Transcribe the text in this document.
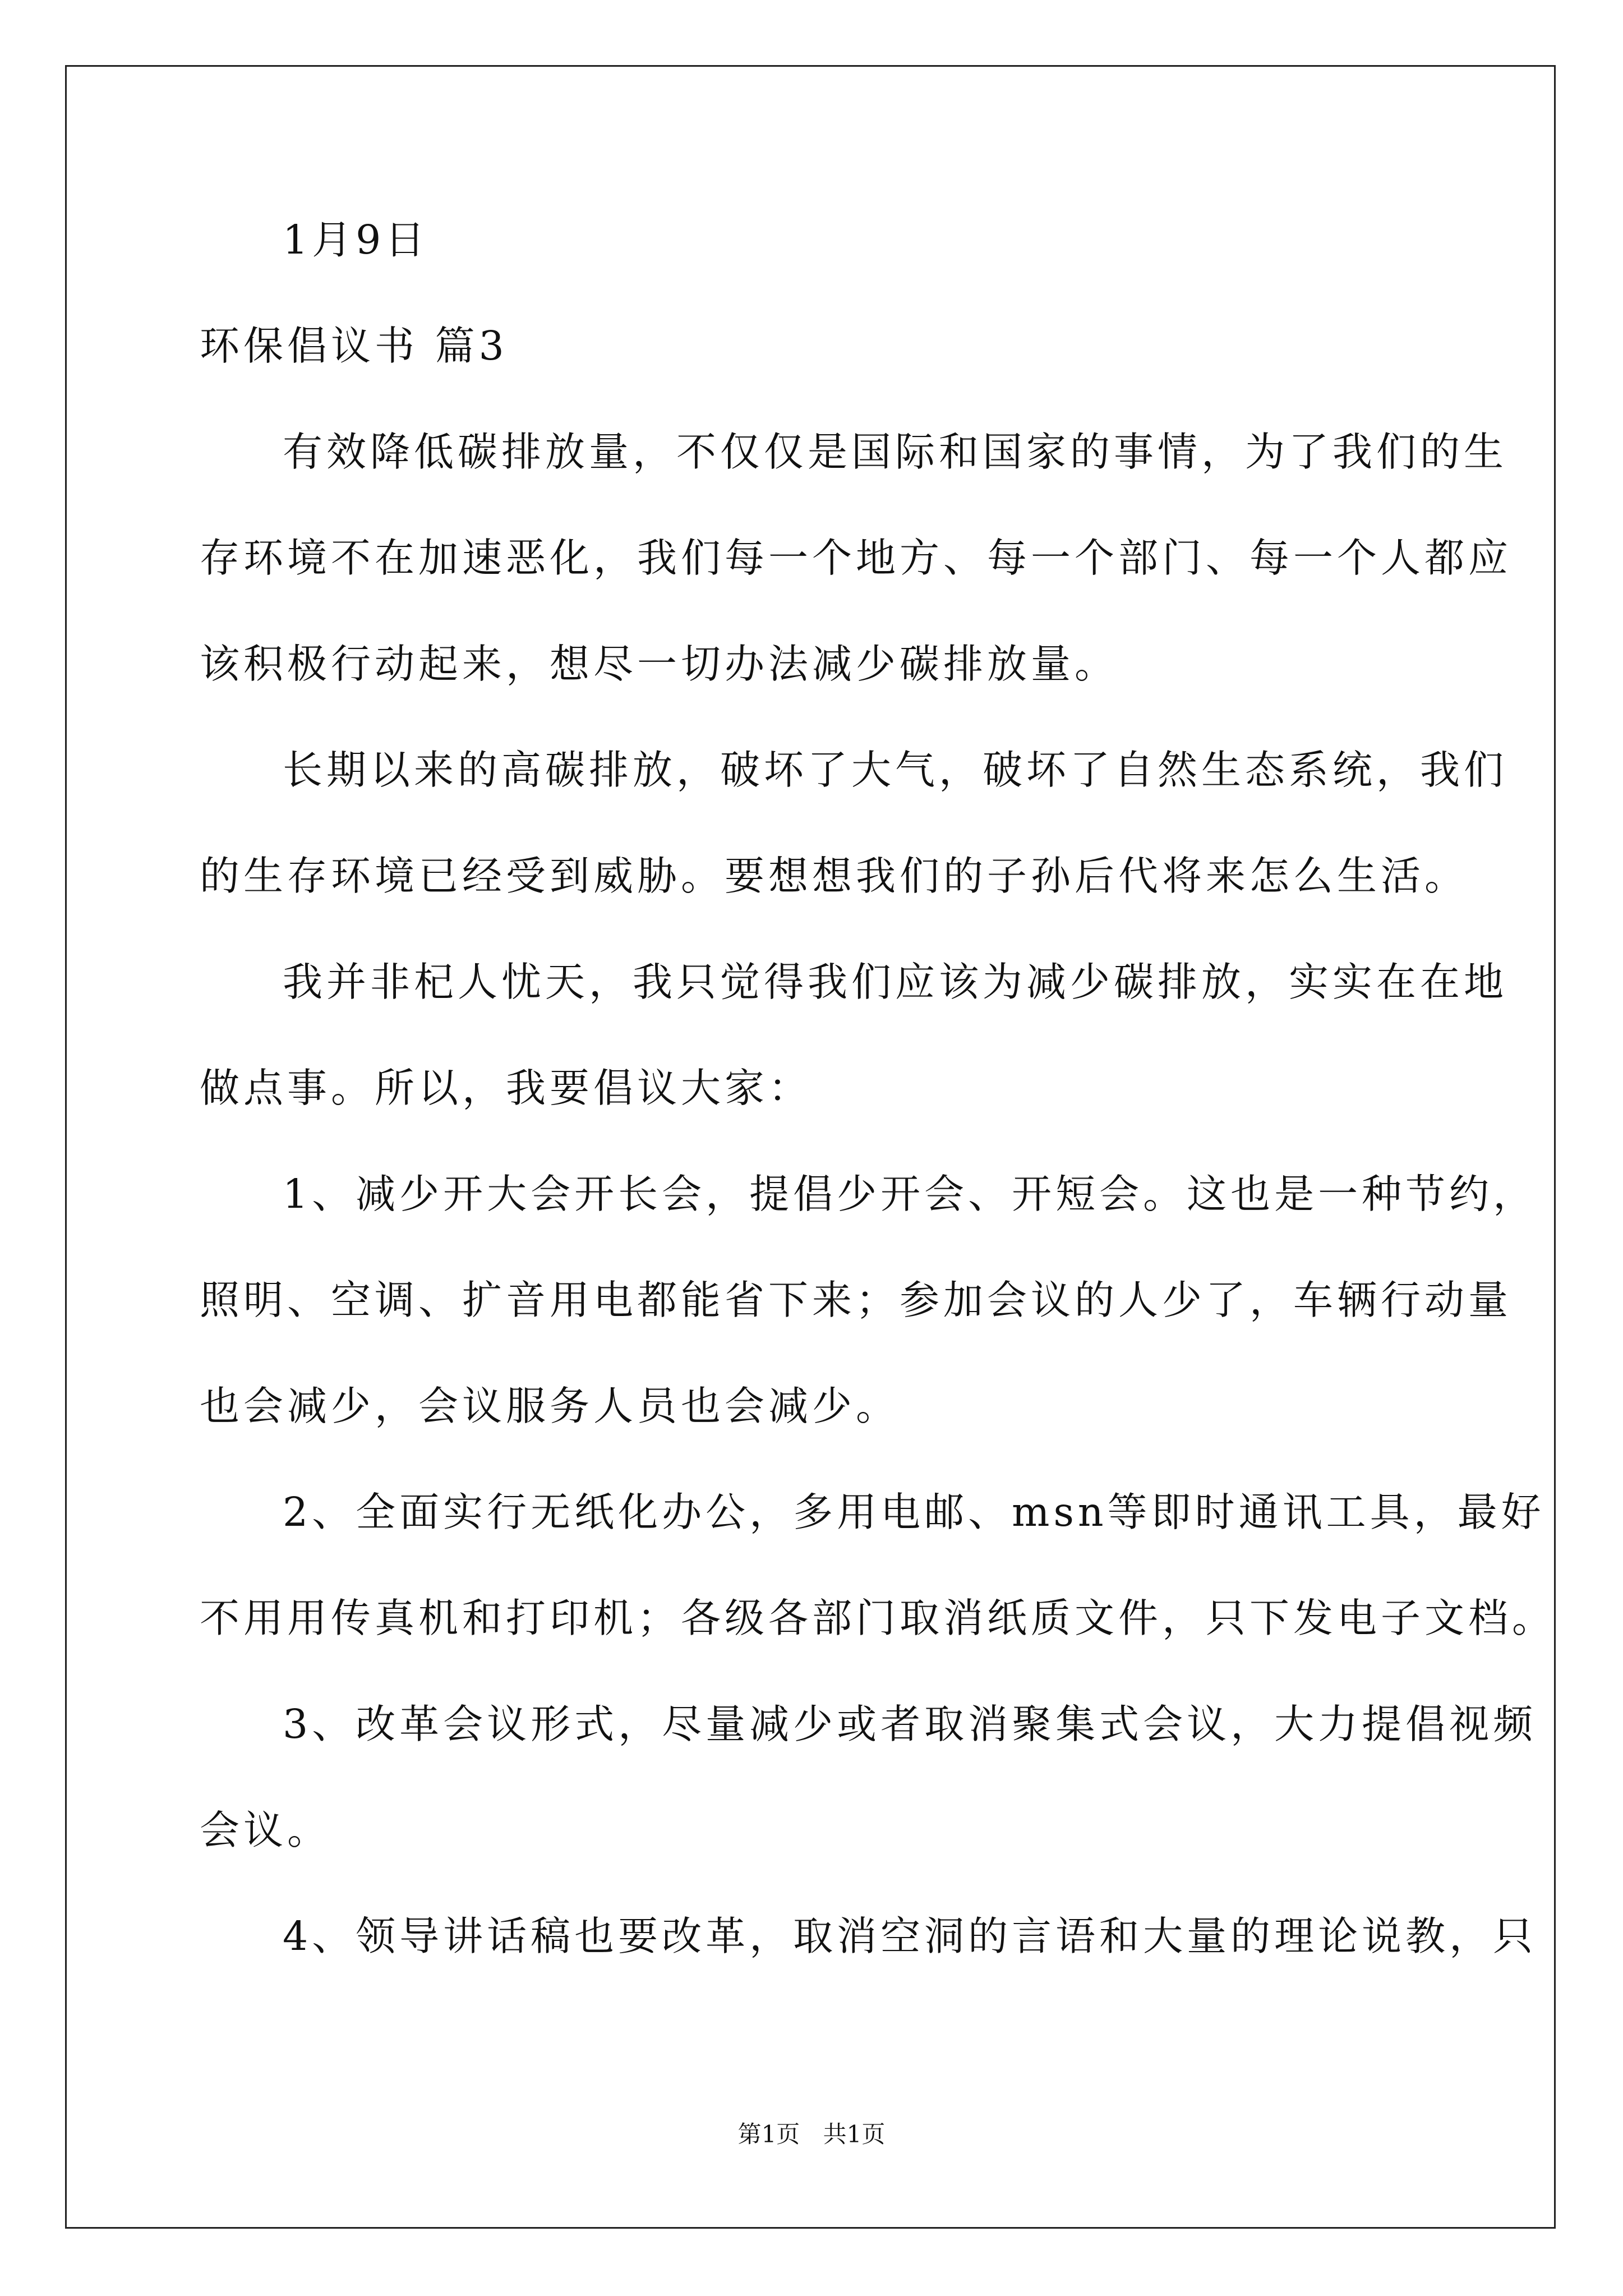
1月9日
环保倡议书 篇3
有效降低碳排放量，不仅仅是国际和国家的事情，为了我们的生
存环境不在加速恶化，我们每一个地方、每一个部门、每一个人都应
该积极行动起来，想尽一切办法减少碳排放量。
长期以来的高碳排放，破坏了大气，破坏了自然生态系统，我们
的生存环境已经受到威胁。要想想我们的子孙后代将来怎么生活。
我并非杞人忧天，我只觉得我们应该为减少碳排放，实实在在地
做点事。所以，我要倡议大家：
1、减少开大会开长会，提倡少开会、开短会。这也是一种节约，
照明、空调、扩音用电都能省下来；参加会议的人少了，车辆行动量
也会减少，会议服务人员也会减少。
2、全面实行无纸化办公，多用电邮、msn等即时通讯工具，最好
不用用传真机和打印机；各级各部门取消纸质文件，只下发电子文档。
3、改革会议形式，尽量减少或者取消聚集式会议，大力提倡视频
会议。
4、领导讲话稿也要改革，取消空洞的言语和大量的理论说教，只
第1页 共1页
